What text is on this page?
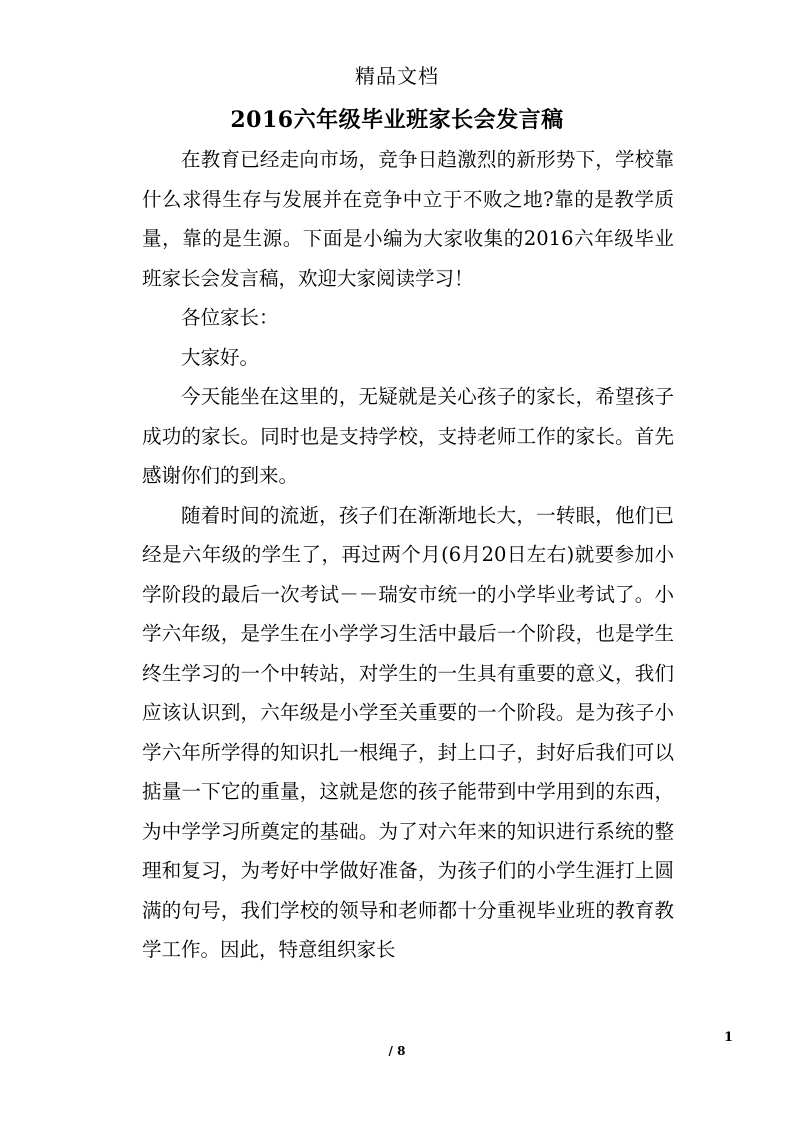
精品文档
2016六年级毕业班家长会发言稿

在教育已经走向市场，竞争日趋激烈的新形势下，学校靠什么求得生存与发展并在竞争中立于不败之地?靠的是教学质量，靠的是生源。下面是小编为大家收集的2016六年级毕业班家长会发言稿，欢迎大家阅读学习！

各位家长：

大家好。

今天能坐在这里的，无疑就是关心孩子的家长，希望孩子成功的家长。同时也是支持学校，支持老师工作的家长。首先感谢你们的到来。

随着时间的流逝，孩子们在渐渐地长大，一转眼，他们已经是六年级的学生了，再过两个月(6月20日左右)就要参加小学阶段的最后一次考试－－瑞安市统一的小学毕业考试了。小学六年级，是学生在小学学习生活中最后一个阶段，也是学生终生学习的一个中转站，对学生的一生具有重要的意义，我们应该认识到，六年级是小学至关重要的一个阶段。是为孩子小学六年所学得的知识扎一根绳子，封上口子，封好后我们可以掂量一下它的重量，这就是您的孩子能带到中学用到的东西，为中学学习所奠定的基础。为了对六年来的知识进行系统的整理和复习，为考好中学做好准备，为孩子们的小学生涯打上圆满的句号，我们学校的领导和老师都十分重视毕业班的教育教学工作。因此，特意组织家长

1
/ 8
